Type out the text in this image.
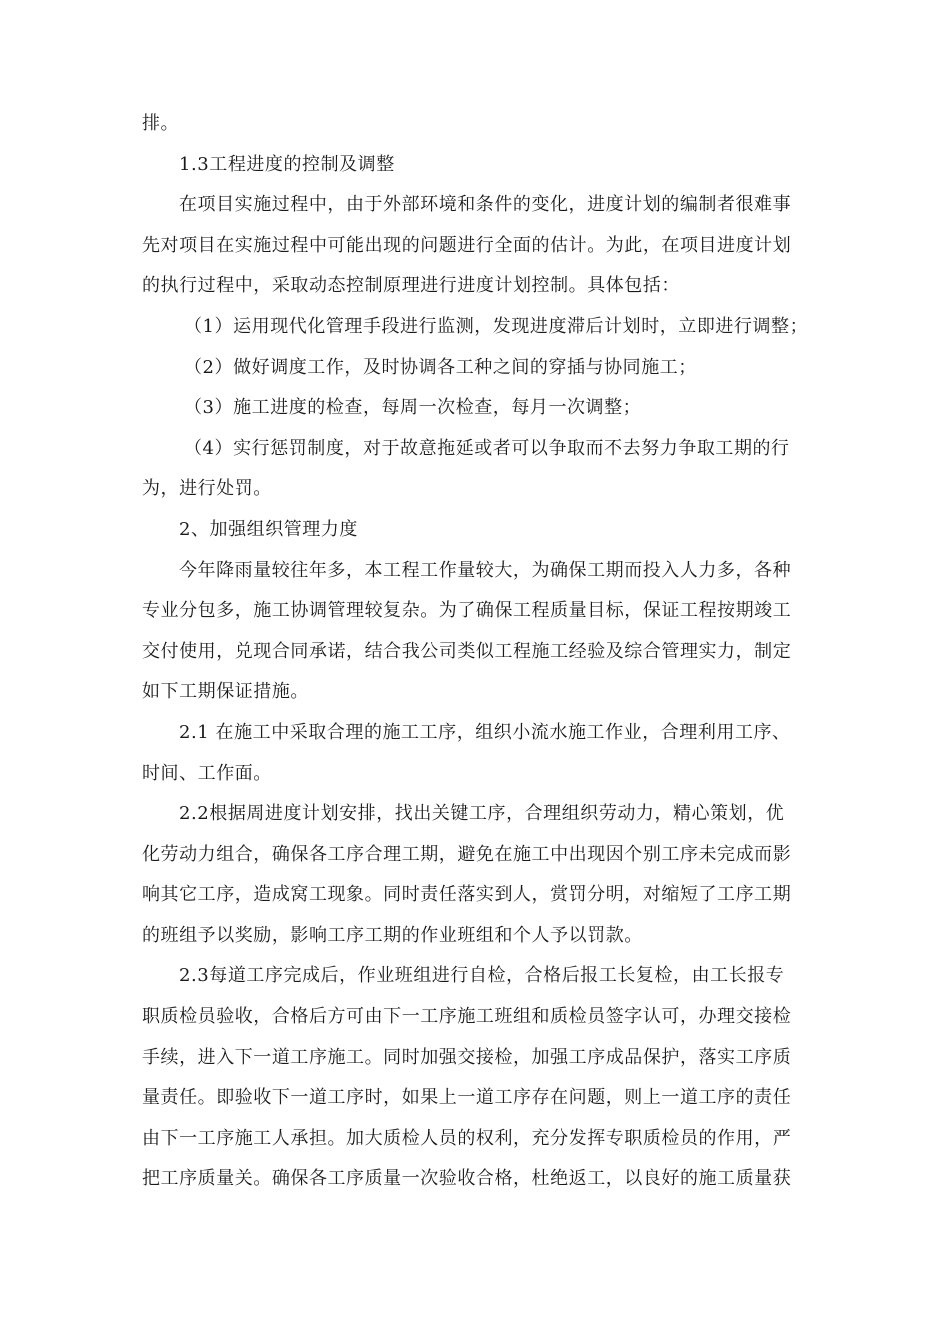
排。
1.3工程进度的控制及调整
在项目实施过程中，由于外部环境和条件的变化，进度计划的编制者很难事
先对项目在实施过程中可能出现的问题进行全面的估计。为此，在项目进度计划
的执行过程中，采取动态控制原理进行进度计划控制。具体包括：
（1）运用现代化管理手段进行监测，发现进度滞后计划时，立即进行调整；
（2）做好调度工作，及时协调各工种之间的穿插与协同施工；
（3）施工进度的检查，每周一次检查，每月一次调整；
（4）实行惩罚制度，对于故意拖延或者可以争取而不去努力争取工期的行
为，进行处罚。
2、加强组织管理力度
今年降雨量较往年多，本工程工作量较大，为确保工期而投入人力多，各种
专业分包多，施工协调管理较复杂。为了确保工程质量目标，保证工程按期竣工
交付使用，兑现合同承诺，结合我公司类似工程施工经验及综合管理实力，制定
如下工期保证措施。
2.1 在施工中采取合理的施工工序，组织小流水施工作业，合理利用工序、
时间、工作面。
2.2根据周进度计划安排，找出关键工序，合理组织劳动力，精心策划，优
化劳动力组合，确保各工序合理工期，避免在施工中出现因个别工序未完成而影
响其它工序，造成窝工现象。同时责任落实到人，赏罚分明，对缩短了工序工期
的班组予以奖励，影响工序工期的作业班组和个人予以罚款。
2.3每道工序完成后，作业班组进行自检，合格后报工长复检，由工长报专
职质检员验收，合格后方可由下一工序施工班组和质检员签字认可，办理交接检
手续，进入下一道工序施工。同时加强交接检，加强工序成品保护，落实工序质
量责任。即验收下一道工序时，如果上一道工序存在问题，则上一道工序的责任
由下一工序施工人承担。加大质检人员的权利，充分发挥专职质检员的作用，严
把工序质量关。确保各工序质量一次验收合格，杜绝返工，以良好的施工质量获
